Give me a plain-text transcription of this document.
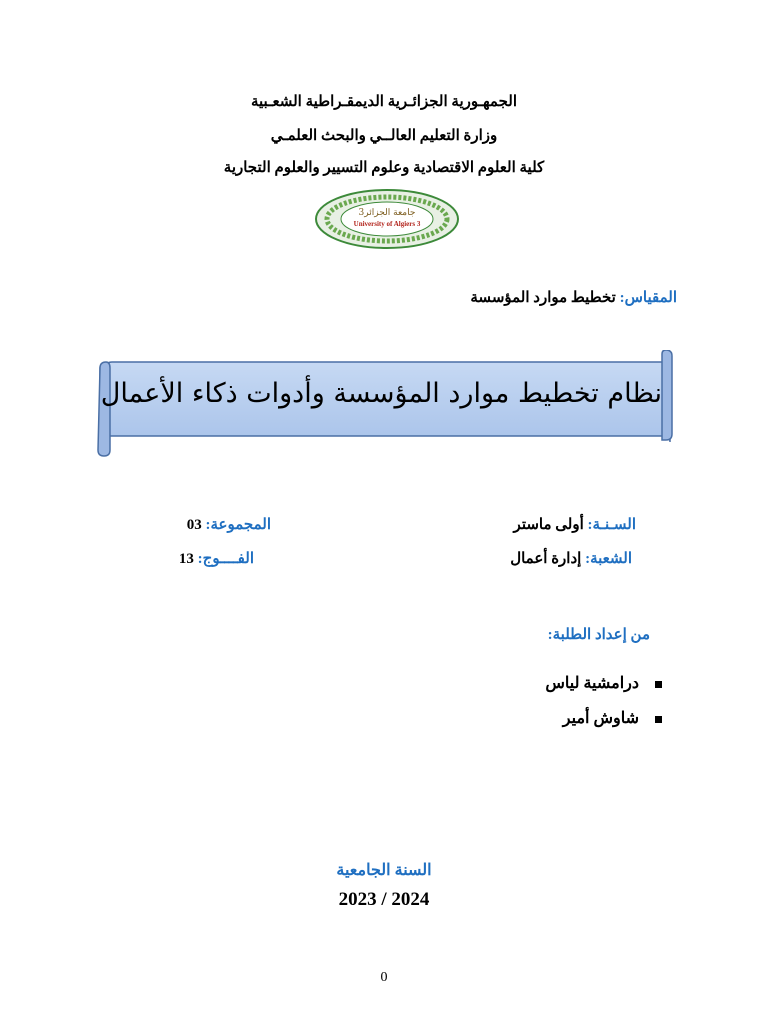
الجمهـورية الجزائـرية الديمقـراطية الشعـبية
وزارة التعليم العالــي والبحث العلمـي
كلية العلوم الاقتصادية وعلوم التسيير والعلوم التجارية
جامعة الجزائر3
University of Algiers 3
المقياس: تخطيط موارد المؤسسة
نظام تخطيط موارد المؤسسة وأدوات ذكاء الأعمال
السـنـة: أولى ماستر
الشعبة: إدارة أعمال
المجموعة: 03
الفــــوج: 13
من إعداد الطلبة:
درامشية لياس
شاوش أمير
السنة الجامعية
2023 / 2024
0
